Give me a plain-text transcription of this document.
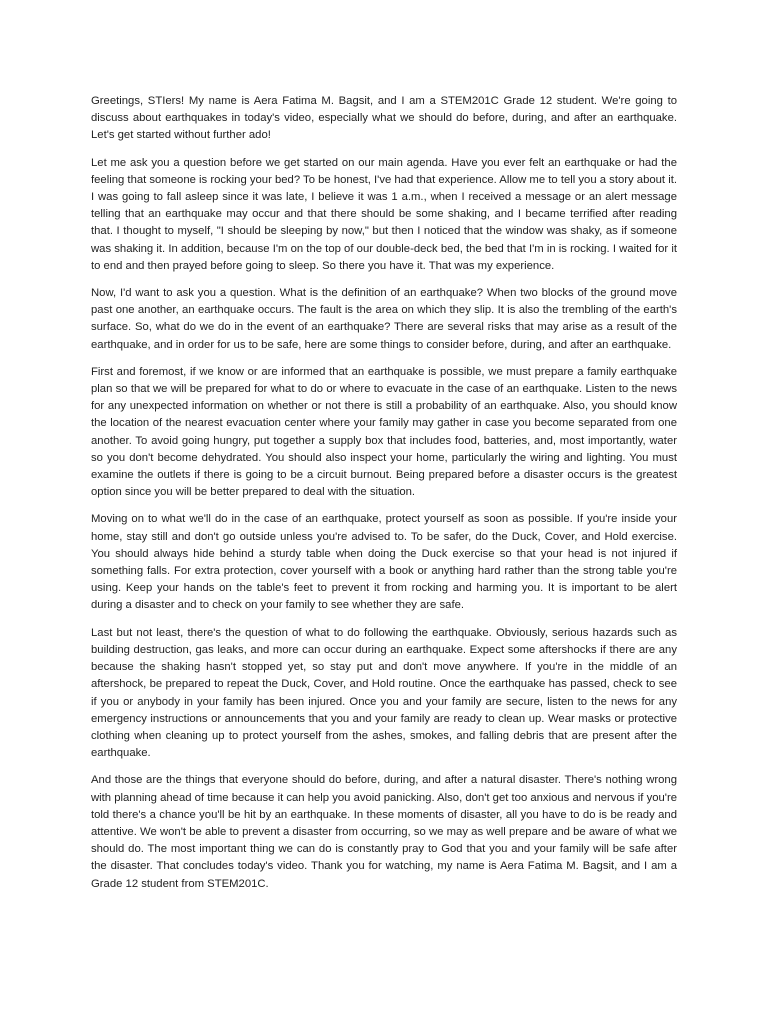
Greetings, STIers! My name is Aera Fatima M. Bagsit, and I am a STEM201C Grade 12 student. We're going to discuss about earthquakes in today's video, especially what we should do before, during, and after an earthquake. Let's get started without further ado!

Let me ask you a question before we get started on our main agenda. Have you ever felt an earthquake or had the feeling that someone is rocking your bed? To be honest, I've had that experience. Allow me to tell you a story about it. I was going to fall asleep since it was late, I believe it was 1 a.m., when I received a message or an alert message telling that an earthquake may occur and that there should be some shaking, and I became terrified after reading that. I thought to myself, "I should be sleeping by now," but then I noticed that the window was shaky, as if someone was shaking it. In addition, because I'm on the top of our double-deck bed, the bed that I'm in is rocking. I waited for it to end and then prayed before going to sleep. So there you have it. That was my experience.

Now, I'd want to ask you a question. What is the definition of an earthquake? When two blocks of the ground move past one another, an earthquake occurs. The fault is the area on which they slip. It is also the trembling of the earth's surface. So, what do we do in the event of an earthquake? There are several risks that may arise as a result of the earthquake, and in order for us to be safe, here are some things to consider before, during, and after an earthquake.

First and foremost, if we know or are informed that an earthquake is possible, we must prepare a family earthquake plan so that we will be prepared for what to do or where to evacuate in the case of an earthquake. Listen to the news for any unexpected information on whether or not there is still a probability of an earthquake. Also, you should know the location of the nearest evacuation center where your family may gather in case you become separated from one another. To avoid going hungry, put together a supply box that includes food, batteries, and, most importantly, water so you don't become dehydrated. You should also inspect your home, particularly the wiring and lighting. You must examine the outlets if there is going to be a circuit burnout. Being prepared before a disaster occurs is the greatest option since you will be better prepared to deal with the situation.

Moving on to what we'll do in the case of an earthquake, protect yourself as soon as possible. If you're inside your home, stay still and don't go outside unless you're advised to. To be safer, do the Duck, Cover, and Hold exercise. You should always hide behind a sturdy table when doing the Duck exercise so that your head is not injured if something falls. For extra protection, cover yourself with a book or anything hard rather than the strong table you're using. Keep your hands on the table's feet to prevent it from rocking and harming you. It is important to be alert during a disaster and to check on your family to see whether they are safe.

Last but not least, there's the question of what to do following the earthquake. Obviously, serious hazards such as building destruction, gas leaks, and more can occur during an earthquake. Expect some aftershocks if there are any because the shaking hasn't stopped yet, so stay put and don't move anywhere. If you're in the middle of an aftershock, be prepared to repeat the Duck, Cover, and Hold routine. Once the earthquake has passed, check to see if you or anybody in your family has been injured. Once you and your family are secure, listen to the news for any emergency instructions or announcements that you and your family are ready to clean up. Wear masks or protective clothing when cleaning up to protect yourself from the ashes, smokes, and falling debris that are present after the earthquake.

And those are the things that everyone should do before, during, and after a natural disaster. There's nothing wrong with planning ahead of time because it can help you avoid panicking. Also, don't get too anxious and nervous if you're told there's a chance you'll be hit by an earthquake. In these moments of disaster, all you have to do is be ready and attentive. We won't be able to prevent a disaster from occurring, so we may as well prepare and be aware of what we should do. The most important thing we can do is constantly pray to God that you and your family will be safe after the disaster. That concludes today's video. Thank you for watching, my name is Aera Fatima M. Bagsit, and I am a Grade 12 student from STEM201C.
